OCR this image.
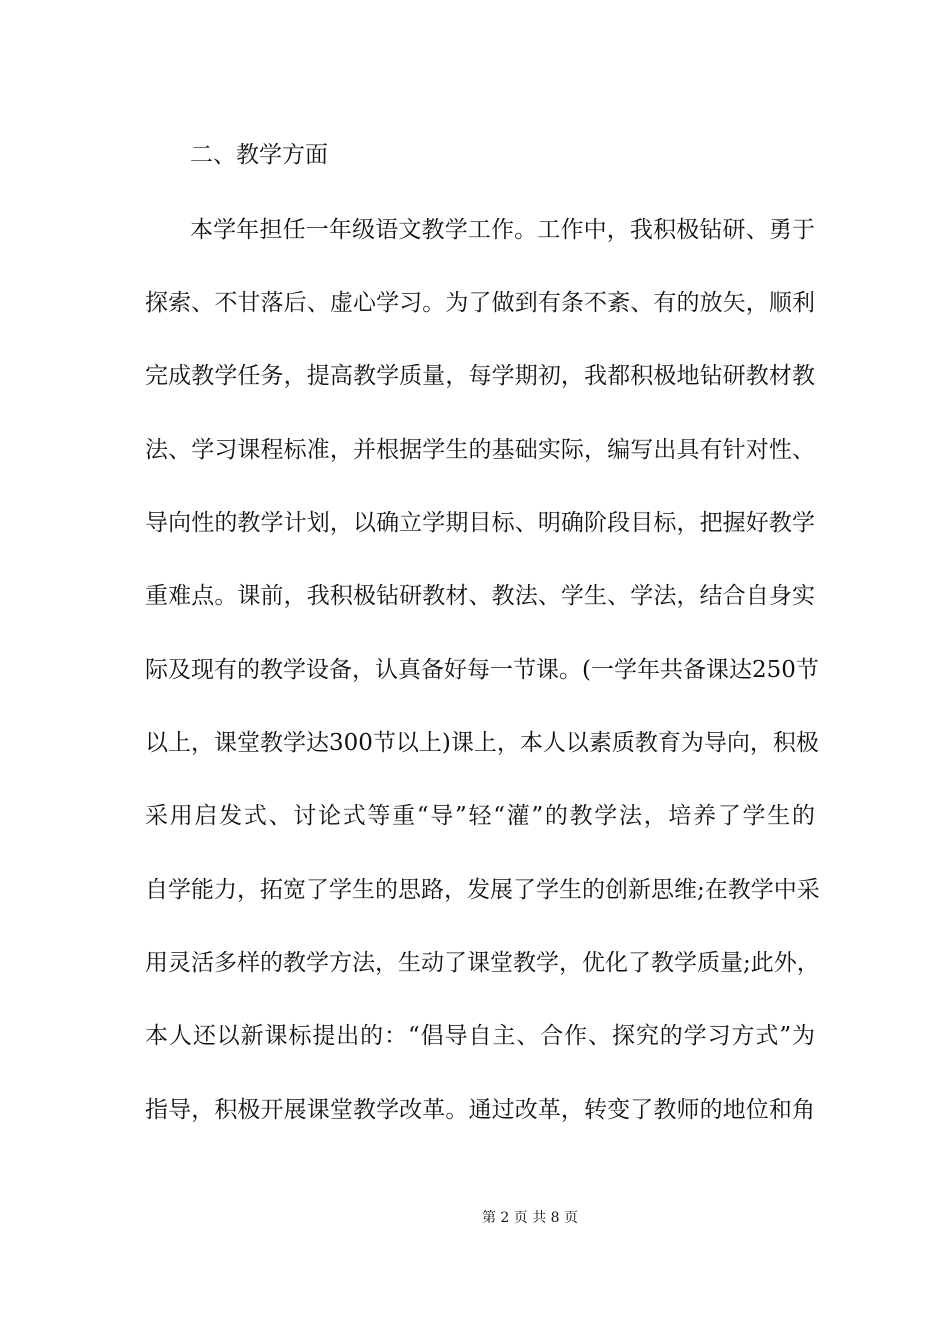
二、教学方面
本学年担任一年级语文教学工作。工作中，我积极钻研、勇于
探索、不甘落后、虚心学习。为了做到有条不紊、有的放矢，顺利
完成教学任务，提高教学质量，每学期初，我都积极地钻研教材教
法、学习课程标准，并根据学生的基础实际，编写出具有针对性、
导向性的教学计划，以确立学期目标、明确阶段目标，把握好教学
重难点。课前，我积极钻研教材、教法、学生、学法，结合自身实
际及现有的教学设备，认真备好每一节课。(一学年共备课达250节
以上，课堂教学达300节以上)课上，本人以素质教育为导向，积极
采用启发式、讨论式等重“导”轻“灌”的教学法，培养了学生的
自学能力，拓宽了学生的思路，发展了学生的创新思维;在教学中采
用灵活多样的教学方法，生动了课堂教学，优化了教学质量;此外，
本人还以新课标提出的：“倡导自主、合作、探究的学习方式”为
指导，积极开展课堂教学改革。通过改革，转变了教师的地位和角
第 2 页 共 8 页
